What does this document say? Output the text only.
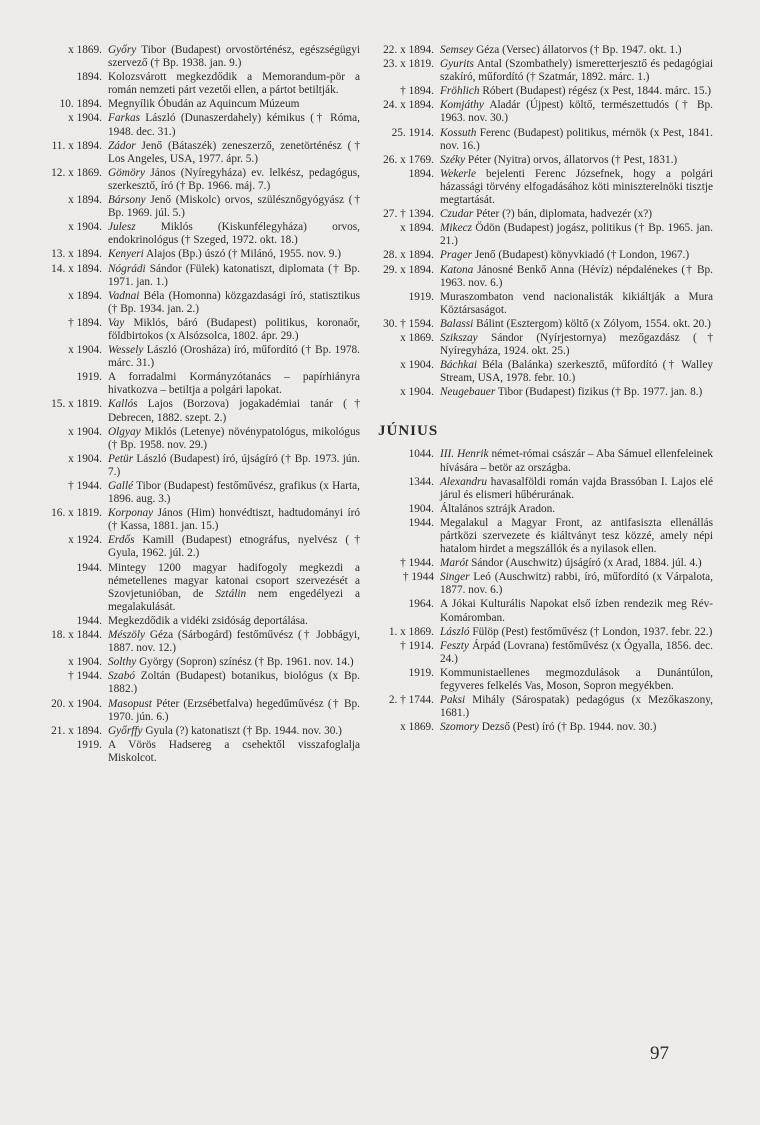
x 1869. Győry Tibor (Budapest) orvostörténész, egészségügyi szervező († Bp. 1938. jan. 9.)
1894. Kolozsvárott megkezdődik a Memorandum-pör a román nemzeti párt vezetői ellen, a pártot betiltják.
10. 1894. Megnyílik Óbudán az Aquincum Múzeum
x 1904. Farkas László (Dunaszerdahely) kémikus († Róma, 1948. dec. 31.)
11. x 1894. Zádor Jenő (Bátaszék) zeneszerző, zenetörténész († Los Angeles, USA, 1977. ápr. 5.)
12. x 1869. Gömöry János (Nyíregyháza) ev. lelkész, pedagógus, szerkesztő, író († Bp. 1966. máj. 7.)
x 1894. Bársony Jenő (Miskolc) orvos, szülésznőgyógyász († Bp. 1969. júl. 5.)
x 1904. Julesz Miklós (Kiskunfélegyháza) orvos, endokrinológus († Szeged, 1972. okt. 18.)
13. x 1894. Kenyeri Alajos (Bp.) úszó († Milánó, 1955. nov. 9.)
14. x 1894. Nógrádi Sándor (Fülek) katonatiszt, diplomata († Bp. 1971. jan. 1.)
x 1894. Vadnai Béla (Homonna) közgazdasági író, statisztikus († Bp. 1934. jan. 2.)
† 1894. Vay Miklós, báró (Budapest) politikus, koronaőr, földbirtokos (x Alsózsolca, 1802. ápr. 29.)
x 1904. Wessely László (Orosháza) író, műfordító († Bp. 1978. márc. 31.)
1919. A forradalmi Kormányzótanács – papírhiányra hivatkozva – betiltja a polgári lapokat.
15. x 1819. Kallós Lajos (Borzova) jogakadémiai tanár († Debrecen, 1882. szept. 2.)
x 1904. Olgyay Miklós (Letenye) növénypatológus, mikológus († Bp. 1958. nov. 29.)
x 1904. Petür László (Budapest) író, újságíró († Bp. 1973. jún. 7.)
† 1944. Gallé Tibor (Budapest) festőművész, grafikus (x Harta, 1896. aug. 3.)
16. x 1819. Korponay János (Him) honvédtiszt, hadtudományi író († Kassa, 1881. jan. 15.)
x 1924. Erdős Kamill (Budapest) etnográfus, nyelvész († Gyula, 1962. júl. 2.)
1944. Mintegy 1200 magyar hadifogoly megkezdi a németellenes magyar katonai csoport szervezését a Szovjetunióban, de Sztálin nem engedélyezi a megalakulását.
1944. Megkezdődik a vidéki zsidóság deportálása.
18. x 1844. Mészöly Géza (Sárbogárd) festőművész († Jobbágyi, 1887. nov. 12.)
x 1904. Solthy György (Sopron) színész († Bp. 1961. nov. 14.)
† 1944. Szabó Zoltán (Budapest) botanikus, biológus (x Bp. 1882.)
20. x 1904. Masopust Péter (Erzsébetfalva) hegedűművész († Bp. 1970. jún. 6.)
21. x 1894. Győrffy Gyula (?) katonatiszt († Bp. 1944. nov. 30.)
1919. A Vörös Hadsereg a csehektől visszafoglalja Miskolcot.
22. x 1894. Semsey Géza (Versec) állatorvos († Bp. 1947. okt. 1.)
23. x 1819. Gyurits Antal (Szombathely) ismeretterjesztő és pedagógiai szakíró, műfordító († Szatmár, 1892. márc. 1.)
† 1894. Fröhlich Róbert (Budapest) régész (x Pest, 1844. márc. 15.)
24. x 1894. Komjáthy Aladár (Újpest) költő, természettudós († Bp. 1963. nov. 30.)
25. 1914. Kossuth Ferenc (Budapest) politikus, mérnök (x Pest, 1841. nov. 16.)
26. x 1769. Széky Péter (Nyitra) orvos, állatorvos († Pest, 1831.)
1894. Wekerle bejelenti Ferenc Józsefnek, hogy a polgári házassági törvény elfogadásához köti miniszterelnöki tisztje megtartását.
27. † 1394. Czudar Péter (?) bán, diplomata, hadvezér (x?)
x 1894. Mikecz Ödön (Budapest) jogász, politikus († Bp. 1965. jan. 21.)
28. x 1894. Prager Jenő (Budapest) könyvkiadó († London, 1967.)
29. x 1894. Katona Jánosné Benkő Anna (Hévíz) népdalénekes († Bp. 1963. nov. 6.)
1919. Muraszombaton vend nacionalisták kikiáltják a Mura Köztársaságot.
30. † 1594. Balassi Bálint (Esztergom) költő (x Zólyom, 1554. okt. 20.)
x 1869. Szikszay Sándor (Nyírjestornya) mezőgazdász († Nyíregyháza, 1924. okt. 25.)
x 1904. Báchkai Béla (Balánka) szerkesztő, műfordító († Walley Stream, USA, 1978. febr. 10.)
x 1904. Neugebauer Tibor (Budapest) fizikus († Bp. 1977. jan. 8.)
JÚNIUS
1044. III. Henrik német-római császár – Aba Sámuel ellenfeleinek hívására – betör az országba.
1344. Alexandru havasalföldi román vajda Brassóban I. Lajos elé járul és elismeri hűbérurának.
1904. Általános sztrájk Aradon.
1944. Megalakul a Magyar Front, az antifasiszta ellenállás pártközi szervezete és kiáltványt tesz közzé, amely népi hatalom hirdet a megszállók és a nyilasok ellen.
† 1944. Marót Sándor (Auschwitz) újságíró (x Arad, 1884. júl. 4.)
† 1944 Singer Leó (Auschwitz) rabbi, író, műfordító (x Várpalota, 1877. nov. 6.)
1964. A Jókai Kulturális Napokat első ízben rendezik meg Rév-Komáromban.
1. x 1869. László Fülöp (Pest) festőművész († London, 1937. febr. 22.)
† 1914. Feszty Árpád (Lovrana) festőművész (x Ógyalla, 1856. dec. 24.)
1919. Kommunistaellenes megmozdulások a Dunántúlon, fegyveres felkelés Vas, Moson, Sopron megyékben.
2. † 1744. Paksi Mihály (Sárospatak) pedagógus (x Mezőkaszony, 1681.)
x 1869. Szomory Dezső (Pest) író († Bp. 1944. nov. 30.)
97
